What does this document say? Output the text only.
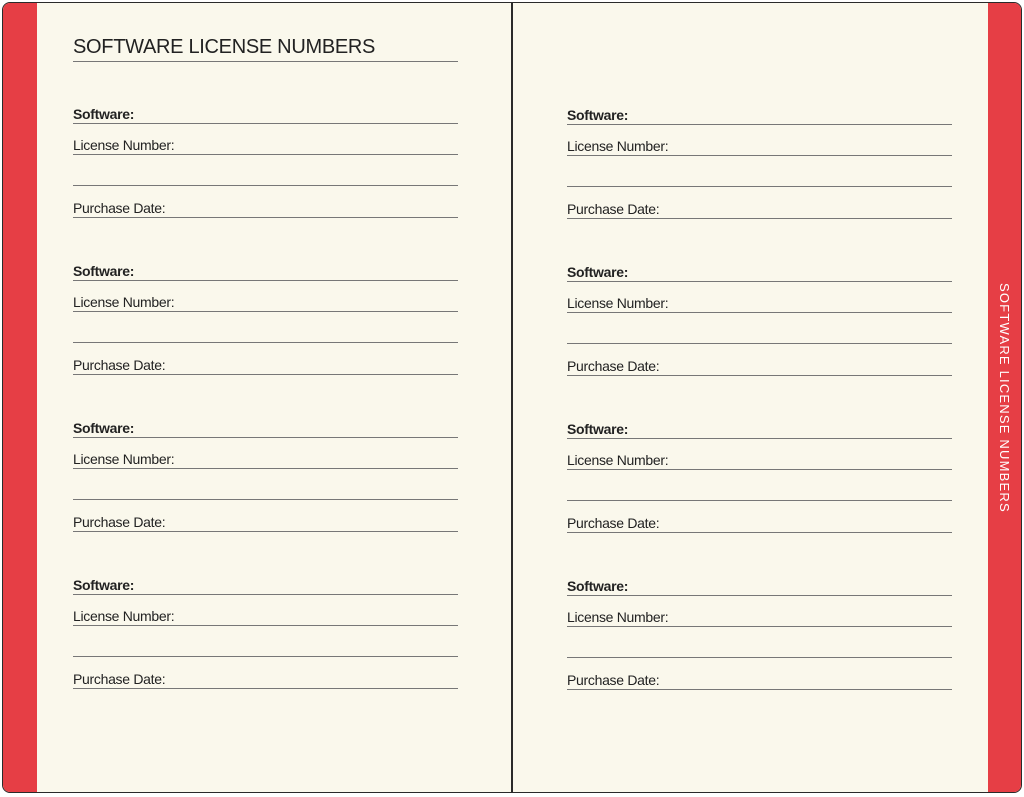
SOFTWARE LICENSE NUMBERS
Software:
License Number:
Purchase Date:
Software:
License Number:
Purchase Date:
Software:
License Number:
Purchase Date:
Software:
License Number:
Purchase Date:
Software:
License Number:
Purchase Date:
Software:
License Number:
Purchase Date:
Software:
License Number:
Purchase Date:
Software:
License Number:
Purchase Date:
SOFTWARE LICENSE NUMBERS
